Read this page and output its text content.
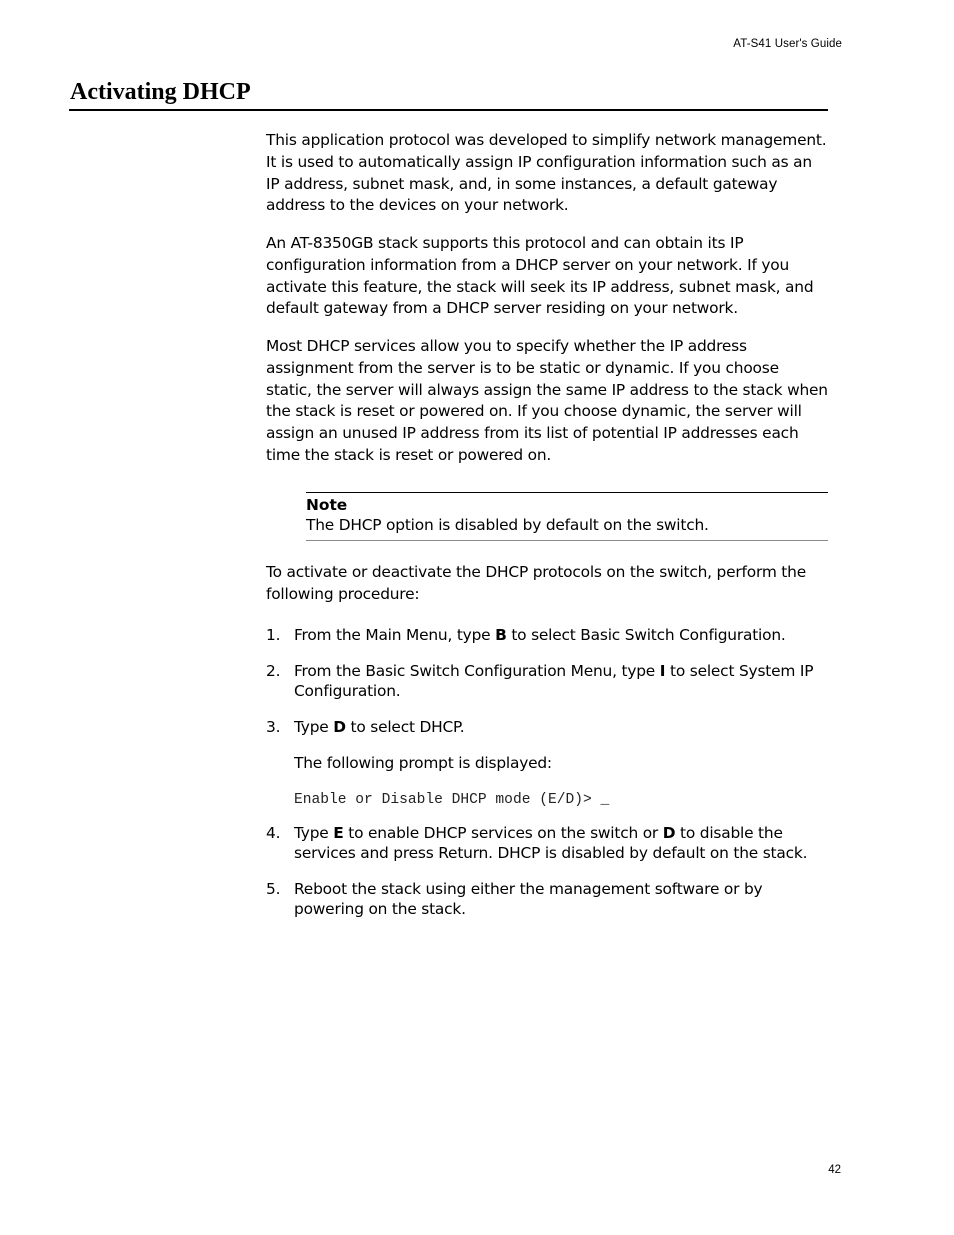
AT-S41 User's Guide
Activating DHCP

This application protocol was developed to simplify network management. It is used to automatically assign IP configuration information such as an IP address, subnet mask, and, in some instances, a default gateway address to the devices on your network.

An AT-8350GB stack supports this protocol and can obtain its IP configuration information from a DHCP server on your network. If you activate this feature, the stack will seek its IP address, subnet mask, and default gateway from a DHCP server residing on your network.

Most DHCP services allow you to specify whether the IP address assignment from the server is to be static or dynamic. If you choose static, the server will always assign the same IP address to the stack when the stack is reset or powered on. If you choose dynamic, the server will assign an unused IP address from its list of potential IP addresses each time the stack is reset or powered on.

Note
The DHCP option is disabled by default on the switch.

To activate or deactivate the DHCP protocols on the switch, perform the following procedure:

1. From the Main Menu, type B to select Basic Switch Configuration.
2. From the Basic Switch Configuration Menu, type I to select System IP Configuration.
3. Type D to select DHCP.
The following prompt is displayed:
Enable or Disable DHCP mode (E/D)> _
4. Type E to enable DHCP services on the switch or D to disable the services and press Return. DHCP is disabled by default on the stack.
5. Reboot the stack using either the management software or by powering on the stack.
42
